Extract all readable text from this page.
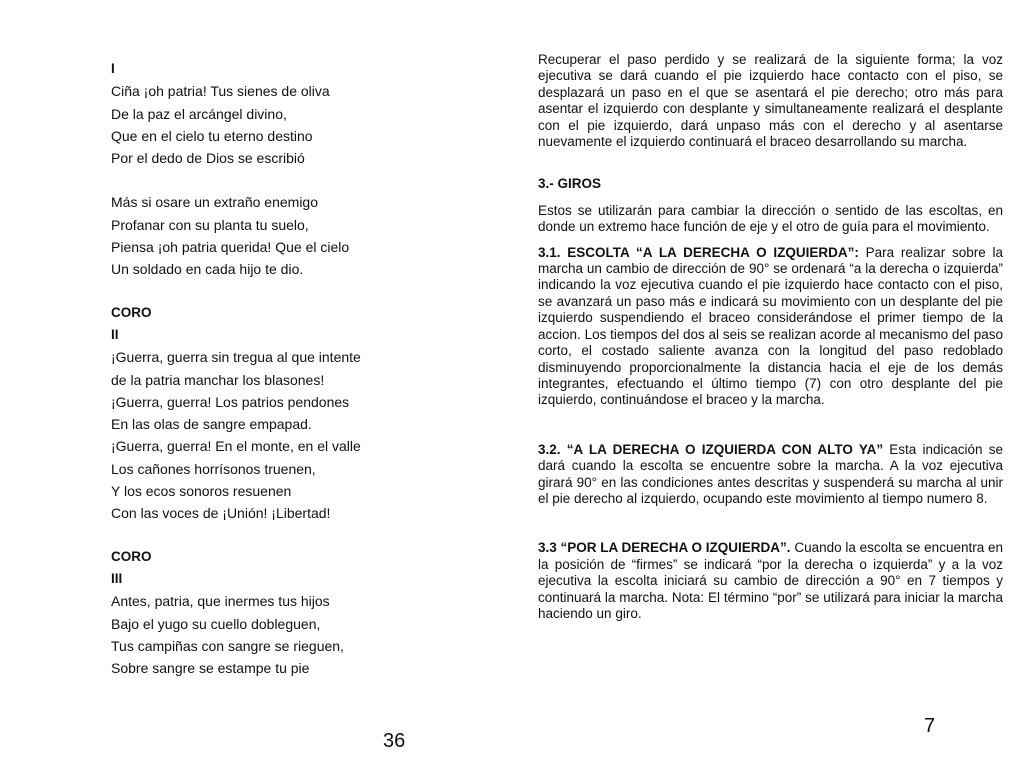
I
Ciña ¡oh patria! Tus sienes de oliva
De la paz el arcángel divino,
Que en el cielo tu eterno destino
Por el dedo de Dios se escribió
Más si osare un extraño enemigo
Profanar con su planta tu suelo,
Piensa ¡oh patria querida! Que el cielo
Un soldado en cada hijo te dio.
CORO
II
¡Guerra, guerra sin tregua al que intente
de la patria manchar los blasones!
¡Guerra, guerra! Los patrios pendones
En las olas de sangre empapad.
¡Guerra, guerra! En el monte, en el valle
Los cañones horrísonos truenen,
Y los ecos sonoros resuenen
Con las voces de ¡Unión! ¡Libertad!
CORO
III
Antes, patria, que inermes tus hijos
Bajo el yugo su cuello dobleguen,
Tus campiñas con sangre se rieguen,
Sobre sangre se estampe tu pie
36

Recuperar el paso perdido y se realizará de la siguiente forma; la voz ejecutiva se dará cuando el pie izquierdo hace contacto con el piso, se desplazará un paso en el que se asentará el pie derecho; otro más para asentar el izquierdo con desplante y simultaneamente realizará el desplante con el pie izquierdo, dará unpaso más con el derecho y al asentarse nuevamente el izquierdo continuará el braceo desarrollando su marcha.

3.- GIROS

Estos se utilizarán para cambiar la dirección o sentido de las escoltas, en donde un extremo hace función de eje y el otro de guía para el movimiento.

3.1. ESCOLTA “A LA DERECHA O IZQUIERDA”: Para realizar sobre la marcha un cambio de dirección de 90° se ordenará “a la derecha o izquierda” indicando la voz ejecutiva cuando el pie izquierdo hace contacto con el piso, se avanzará un paso más e indicará su movimiento con un desplante del pie izquierdo suspendiendo el braceo considerándose el primer tiempo de la accion. Los tiempos del dos al seis se realizan acorde al mecanismo del paso corto, el costado saliente avanza con la longitud del paso redoblado disminuyendo proporcionalmente la distancia hacia el eje de los demás integrantes, efectuando el último tiempo (7) con otro desplante del pie izquierdo, continuándose el braceo y la marcha.

3.2. “A LA DERECHA O IZQUIERDA CON ALTO YA” Esta indicación se dará cuando la escolta se encuentre sobre la marcha. A la voz ejecutiva girará 90° en las condiciones antes descritas y suspenderá su marcha al unir el pie derecho al izquierdo, ocupando este movimiento al tiempo numero 8.

3.3 “POR LA DERECHA O IZQUIERDA”. Cuando la escolta se encuentra en la posición de “firmes” se indicará “por la derecha o izquierda” y a la voz ejecutiva la escolta iniciará su cambio de dirección a 90° en 7 tiempos y continuará la marcha. Nota: El término “por” se utilizará para iniciar la marcha haciendo un giro.

7
